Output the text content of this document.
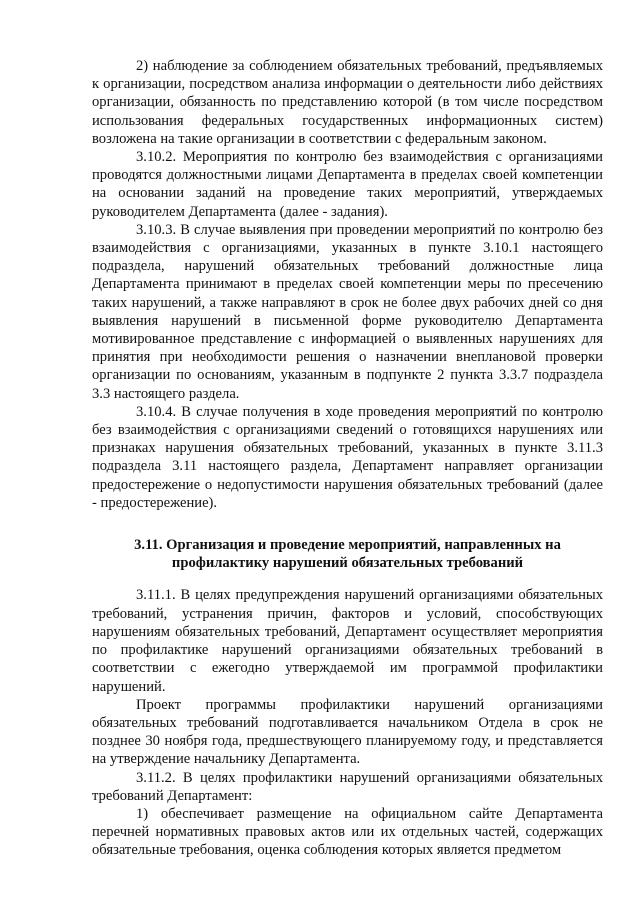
2) наблюдение за соблюдением обязательных требований, предъявляемых к организации, посредством анализа информации о деятельности либо действиях организации, обязанность по представлению которой (в том числе посредством использования федеральных государственных информационных систем) возложена на такие организации в соответствии с федеральным законом.

3.10.2. Мероприятия по контролю без взаимодействия с организациями проводятся должностными лицами Департамента в пределах своей компетенции на основании заданий на проведение таких мероприятий, утверждаемых руководителем Департамента (далее - задания).

3.10.3. В случае выявления при проведении мероприятий по контролю без взаимодействия с организациями, указанных в пункте 3.10.1 настоящего подраздела, нарушений обязательных требований должностные лица Департамента принимают в пределах своей компетенции меры по пресечению таких нарушений, а также направляют в срок не более двух рабочих дней со дня выявления нарушений в письменной форме руководителю Департамента мотивированное представление с информацией о выявленных нарушениях для принятия при необходимости решения о назначении внеплановой проверки организации по основаниям, указанным в подпункте 2 пункта 3.3.7 подраздела 3.3 настоящего раздела.

3.10.4. В случае получения в ходе проведения мероприятий по контролю без взаимодействия с организациями сведений о готовящихся нарушениях или признаках нарушения обязательных требований, указанных в пункте 3.11.3 подраздела 3.11 настоящего раздела, Департамент направляет организации предостережение о недопустимости нарушения обязательных требований (далее - предостережение).

3.11. Организация и проведение мероприятий, направленных на
профилактику нарушений обязательных требований

3.11.1. В целях предупреждения нарушений организациями обязательных требований, устранения причин, факторов и условий, способствующих нарушениям обязательных требований, Департамент осуществляет мероприятия по профилактике нарушений организациями обязательных требований в соответствии с ежегодно утверждаемой им программой профилактики нарушений.

Проект программы профилактики нарушений организациями обязательных требований подготавливается начальником Отдела в срок не позднее 30 ноября года, предшествующего планируемому году, и представляется на утверждение начальнику Департамента.

3.11.2. В целях профилактики нарушений организациями обязательных требований Департамент:

1) обеспечивает размещение на официальном сайте Департамента перечней нормативных правовых актов или их отдельных частей, содержащих обязательные требования, оценка соблюдения которых является предметом
